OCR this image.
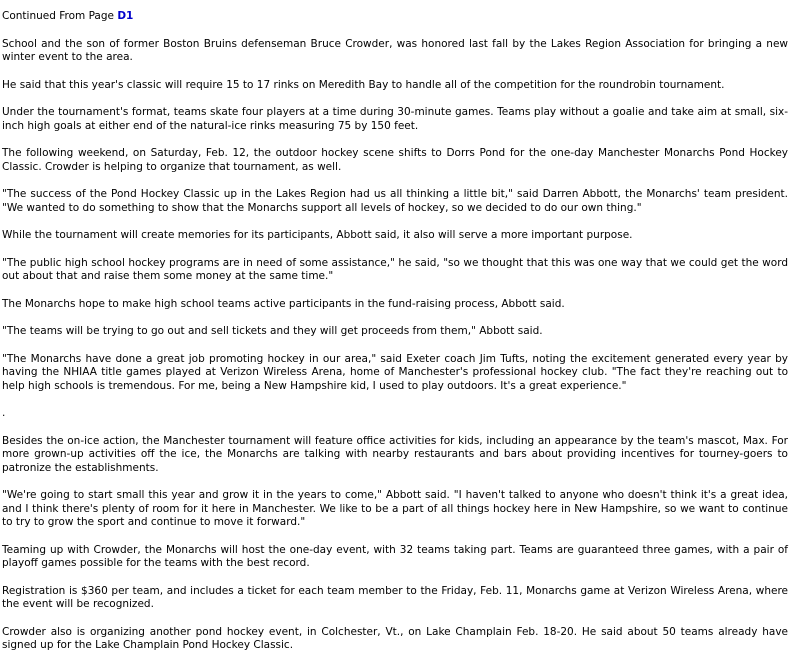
Continued From Page D1

School and the son of former Boston Bruins defenseman Bruce Crowder, was honored last fall by the Lakes Region Association for bringing a new winter event to the area.

He said that this year's classic will require 15 to 17 rinks on Meredith Bay to handle all of the competition for the roundrobin tournament.

Under the tournament's format, teams skate four players at a time during 30-minute games. Teams play without a goalie and take aim at small, six-inch high goals at either end of the natural-ice rinks measuring 75 by 150 feet.

The following weekend, on Saturday, Feb. 12, the outdoor hockey scene shifts to Dorrs Pond for the one-day Manchester Monarchs Pond Hockey Classic. Crowder is helping to organize that tournament, as well.

"The success of the Pond Hockey Classic up in the Lakes Region had us all thinking a little bit," said Darren Abbott, the Monarchs' team president. "We wanted to do something to show that the Monarchs support all levels of hockey, so we decided to do our own thing."

While the tournament will create memories for its participants, Abbott said, it also will serve a more important purpose.

"The public high school hockey programs are in need of some assistance," he said, "so we thought that this was one way that we could get the word out about that and raise them some money at the same time."

The Monarchs hope to make high school teams active participants in the fund-raising process, Abbott said.

"The teams will be trying to go out and sell tickets and they will get proceeds from them," Abbott said.

"The Monarchs have done a great job promoting hockey in our area," said Exeter coach Jim Tufts, noting the excitement generated every year by having the NHIAA title games played at Verizon Wireless Arena, home of Manchester's professional hockey club. "The fact they're reaching out to help high schools is tremendous. For me, being a New Hampshire kid, I used to play outdoors. It's a great experience."

.

Besides the on-ice action, the Manchester tournament will feature office activities for kids, including an appearance by the team's mascot, Max. For more grown-up activities off the ice, the Monarchs are talking with nearby restaurants and bars about providing incentives for tourney-goers to patronize the establishments.

"We're going to start small this year and grow it in the years to come," Abbott said. "I haven't talked to anyone who doesn't think it's a great idea, and I think there's plenty of room for it here in Manchester. We like to be a part of all things hockey here in New Hampshire, so we want to continue to try to grow the sport and continue to move it forward."

Teaming up with Crowder, the Monarchs will host the one-day event, with 32 teams taking part. Teams are guaranteed three games, with a pair of playoff games possible for the teams with the best record.

Registration is $360 per team, and includes a ticket for each team member to the Friday, Feb. 11, Monarchs game at Verizon Wireless Arena, where the event will be recognized.

Crowder also is organizing another pond hockey event, in Colchester, Vt., on Lake Champlain Feb. 18-20. He said about 50 teams already have signed up for the Lake Champlain Pond Hockey Classic.
